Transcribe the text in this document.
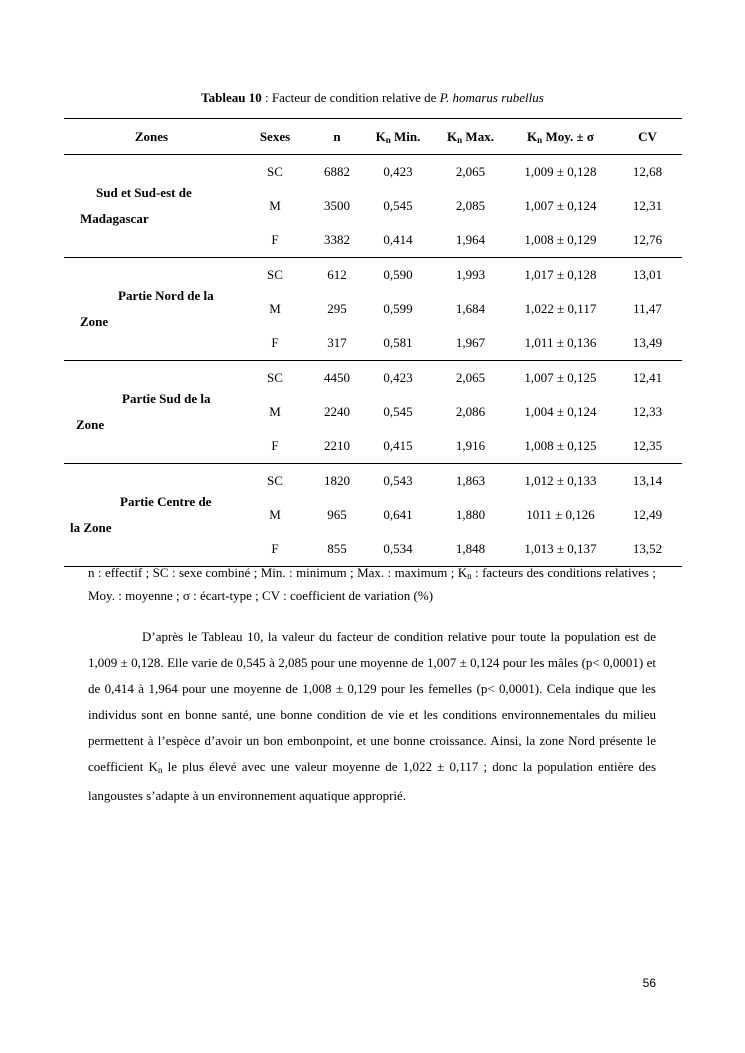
Tableau 10 : Facteur de condition relative de P. homarus rubellus
Zones	Sexes	n	$K_n$ Min.	$K_n$ Max.	$K_n$ Moy. ± σ	CV

Sud et Sud-est de
Madagascar	SC	6882	0,423	2,065	1,009 ± 0,128	12,68
	M	3500	0,545	2,085	1,007 ± 0,124	12,31
	F	3382	0,414	1,964	1,008 ± 0,129	12,76

Partie Nord de la
Zone	SC	612	0,590	1,993	1,017 ± 0,128	13,01
	M	295	0,599	1,684	1,022 ± 0,117	11,47
	F	317	0,581	1,967	1,011 ± 0,136	13,49

Partie Sud de la
Zone	SC	4450	0,423	2,065	1,007 ± 0,125	12,41
	M	2240	0,545	2,086	1,004 ± 0,124	12,33
	F	2210	0,415	1,916	1,008 ± 0,125	12,35

Partie Centre de
la Zone	SC	1820	0,543	1,863	1,012 ± 0,133	13,14
	M	965	0,641	1,880	1011 ± 0,126	12,49
	F	855	0,534	1,848	1,013 ± 0,137	13,52
n : effectif ; SC : sexe combiné ; Min. : minimum ; Max. : maximum ; $K_n$ : facteurs des conditions relatives ; Moy. : moyenne ; σ : écart-type ; CV : coefficient de variation (%)
D’après le Tableau 10, la valeur du facteur de condition relative pour toute la population est de 1,009 ± 0,128. Elle varie de 0,545 à 2,085 pour une moyenne de 1,007 ± 0,124 pour les mâles (p< 0,0001) et de 0,414 à 1,964 pour une moyenne de 1,008 ± 0,129 pour les femelles (p< 0,0001). Cela indique que les individus sont en bonne santé, une bonne condition de vie et les conditions environnementales du milieu permettent à l’espèce d’avoir un bon embonpoint, et une bonne croissance. Ainsi, la zone Nord présente le coefficient $K_n$ le plus élevé avec une valeur moyenne de 1,022 ± 0,117 ; donc la population entière des langoustes s’adapte à un environnement aquatique approprié.
56
